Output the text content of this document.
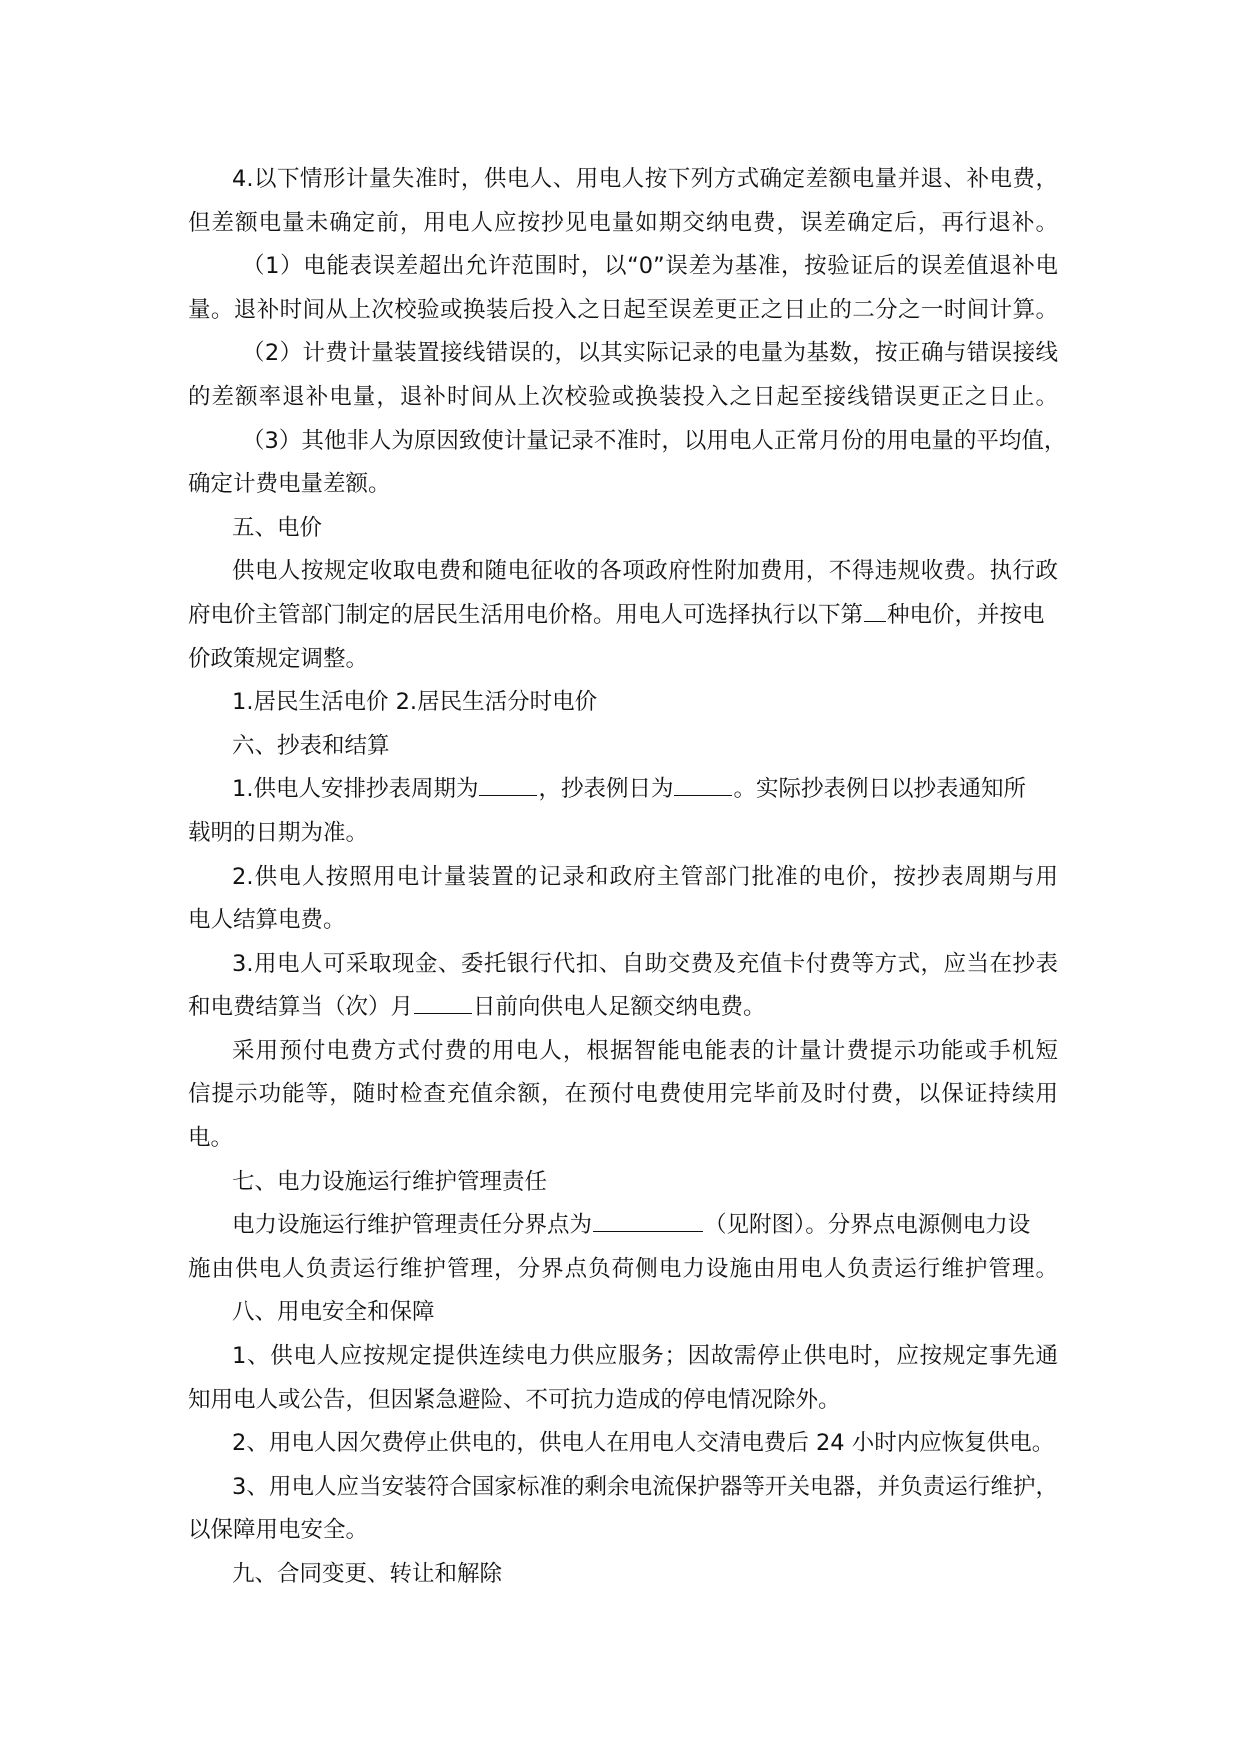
4.以下情形计量失准时，供电人、用电人按下列方式确定差额电量并退、补电费，
但差额电量未确定前，用电人应按抄见电量如期交纳电费，误差确定后，再行退补。
（1）电能表误差超出允许范围时，以“0”误差为基准，按验证后的误差值退补电
量。退补时间从上次校验或换装后投入之日起至误差更正之日止的二分之一时间计算。
（2）计费计量装置接线错误的，以其实际记录的电量为基数，按正确与错误接线
的差额率退补电量，退补时间从上次校验或换装投入之日起至接线错误更正之日止。
（3）其他非人为原因致使计量记录不准时，以用电人正常月份的用电量的平均值，
确定计费电量差额。
五、电价
供电人按规定收取电费和随电征收的各项政府性附加费用，不得违规收费。执行政
府电价主管部门制定的居民生活用电价格。用电人可选择执行以下第 种电价，并按电
价政策规定调整。
1.居民生活电价 2.居民生活分时电价
六、抄表和结算
1.供电人安排抄表周期为	，抄表例日为	。实际抄表例日以抄表通知所
载明的日期为准。
2.供电人按照用电计量装置的记录和政府主管部门批准的电价，按抄表周期与用
电人结算电费。
3.用电人可采取现金、委托银行代扣、自助交费及充值卡付费等方式，应当在抄表
和电费结算当（次）月	日前向供电人足额交纳电费。
采用预付电费方式付费的用电人，根据智能电能表的计量计费提示功能或手机短
信提示功能等，随时检查充值余额，在预付电费使用完毕前及时付费，以保证持续用
电。
七、电力设施运行维护管理责任
电力设施运行维护管理责任分界点为	（见附图）。分界点电源侧电力设
施由供电人负责运行维护管理，分界点负荷侧电力设施由用电人负责运行维护管理。
八、用电安全和保障
1、供电人应按规定提供连续电力供应服务；因故需停止供电时，应按规定事先通
知用电人或公告，但因紧急避险、不可抗力造成的停电情况除外。
2、用电人因欠费停止供电的，供电人在用电人交清电费后 24 小时内应恢复供电。
3、用电人应当安装符合国家标准的剩余电流保护器等开关电器，并负责运行维护，
以保障用电安全。
九、合同变更、转让和解除
